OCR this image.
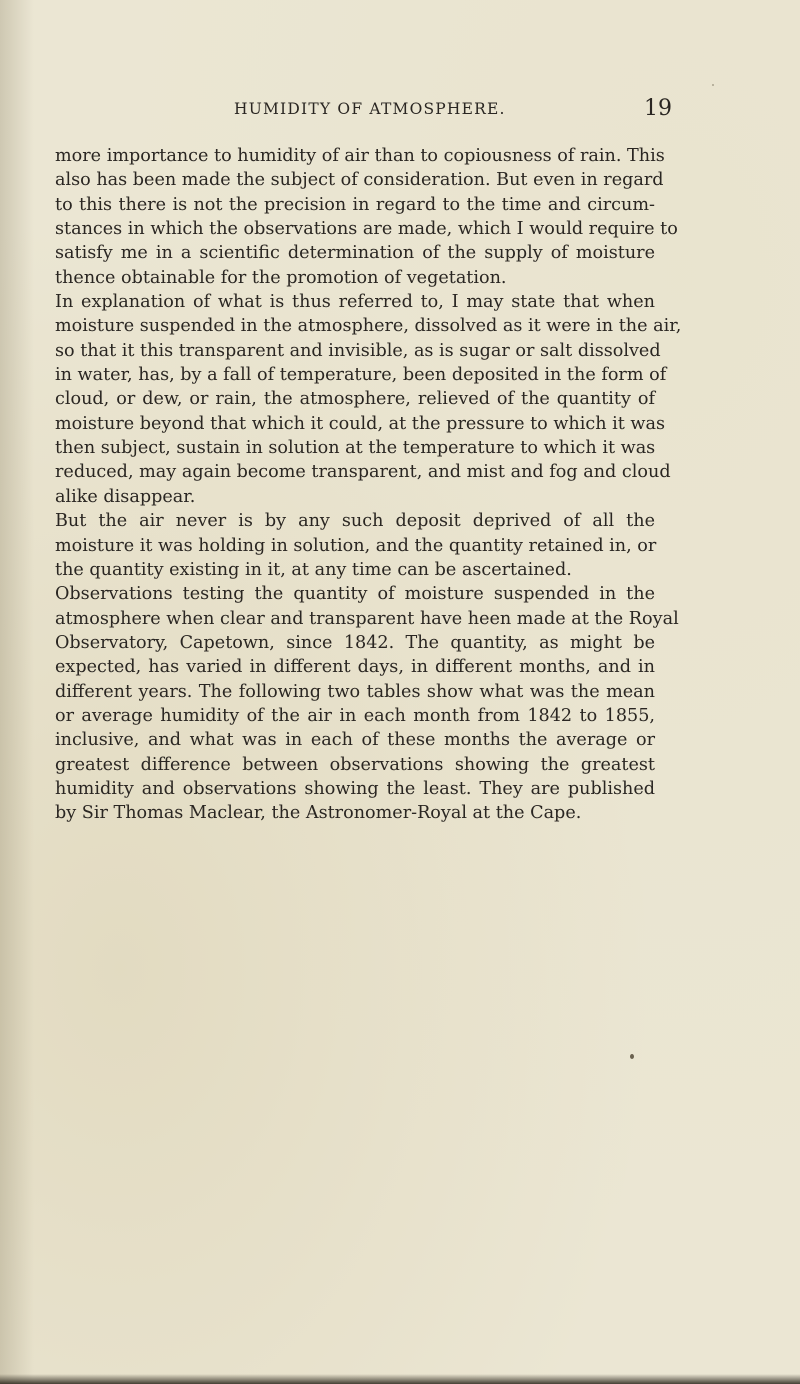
HUMIDITY OF ATMOSPHERE.	19
more importance to humidity of air than to copiousness of rain. This
also has been made the subject of consideration. But even in regard
to this there is not the precision in regard to the time and circum-
stances in which the observations are made, which I would require to
satisfy me in a scientific determination of the supply of moisture
thence obtainable for the promotion of vegetation.
In explanation of what is thus referred to, I may state that when
moisture suspended in the atmosphere, dissolved as it were in the air,
so that it this transparent and invisible, as is sugar or salt dissolved
in water, has, by a fall of temperature, been deposited in the form of
cloud, or dew, or rain, the atmosphere, relieved of the quantity of
moisture beyond that which it could, at the pressure to which it was
then subject, sustain in solution at the temperature to which it was
reduced, may again become transparent, and mist and fog and cloud
alike disappear.
But the air never is by any such deposit deprived of all the
moisture it was holding in solution, and the quantity retained in, or
the quantity existing in it, at any time can be ascertained.
Observations testing the quantity of moisture suspended in the
atmosphere when clear and transparent have heen made at the Royal
Observatory, Capetown, since 1842. The quantity, as might be
expected, has varied in different days, in different months, and in
different years. The following two tables show what was the mean
or average humidity of the air in each month from 1842 to 1855,
inclusive, and what was in each of these months the average or
greatest difference between observations showing the greatest
humidity and observations showing the least. They are published
by Sir Thomas Maclear, the Astronomer-Royal at the Cape.
